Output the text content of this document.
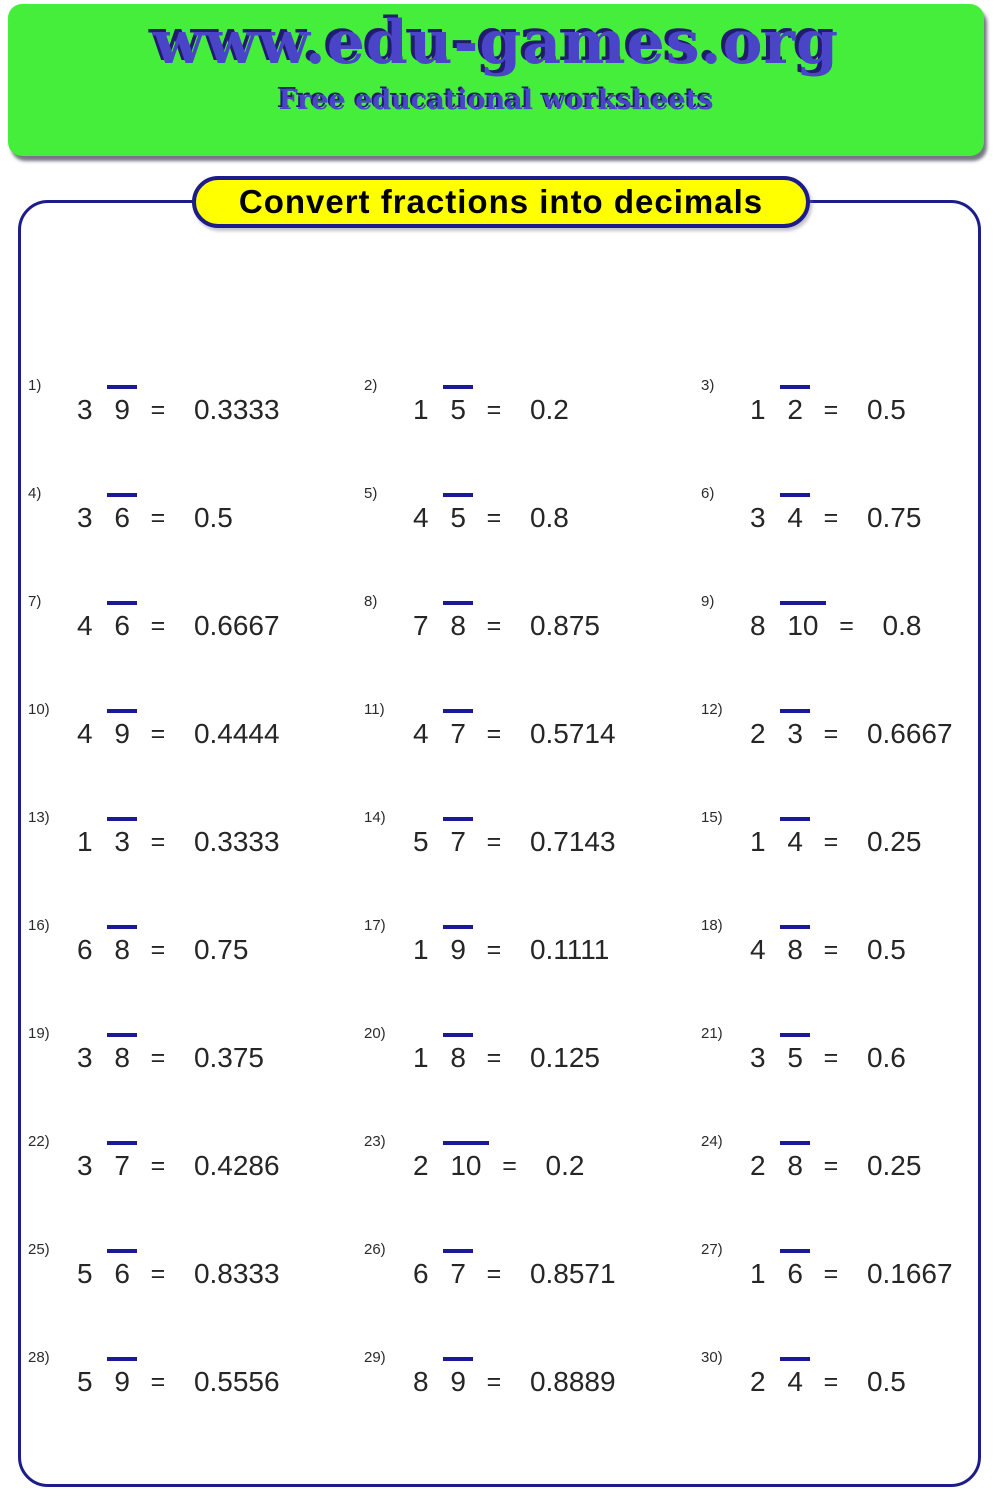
www.edu-games.org
Free educational worksheets
Convert fractions into decimals
1)
3 9 = 0.3333
2)
1 5 = 0.2
3)
1 2 = 0.5
4)
3 6 = 0.5
5)
4 5 = 0.8
6)
3 4 = 0.75
7)
4 6 = 0.6667
8)
7 8 = 0.875
9)
8 10 = 0.8
10)
4 9 = 0.4444
11)
4 7 = 0.5714
12)
2 3 = 0.6667
13)
1 3 = 0.3333
14)
5 7 = 0.7143
15)
1 4 = 0.25
16)
6 8 = 0.75
17)
1 9 = 0.1111
18)
4 8 = 0.5
19)
3 8 = 0.375
20)
1 8 = 0.125
21)
3 5 = 0.6
22)
3 7 = 0.4286
23)
2 10 = 0.2
24)
2 8 = 0.25
25)
5 6 = 0.8333
26)
6 7 = 0.8571
27)
1 6 = 0.1667
28)
5 9 = 0.5556
29)
8 9 = 0.8889
30)
2 4 = 0.5
